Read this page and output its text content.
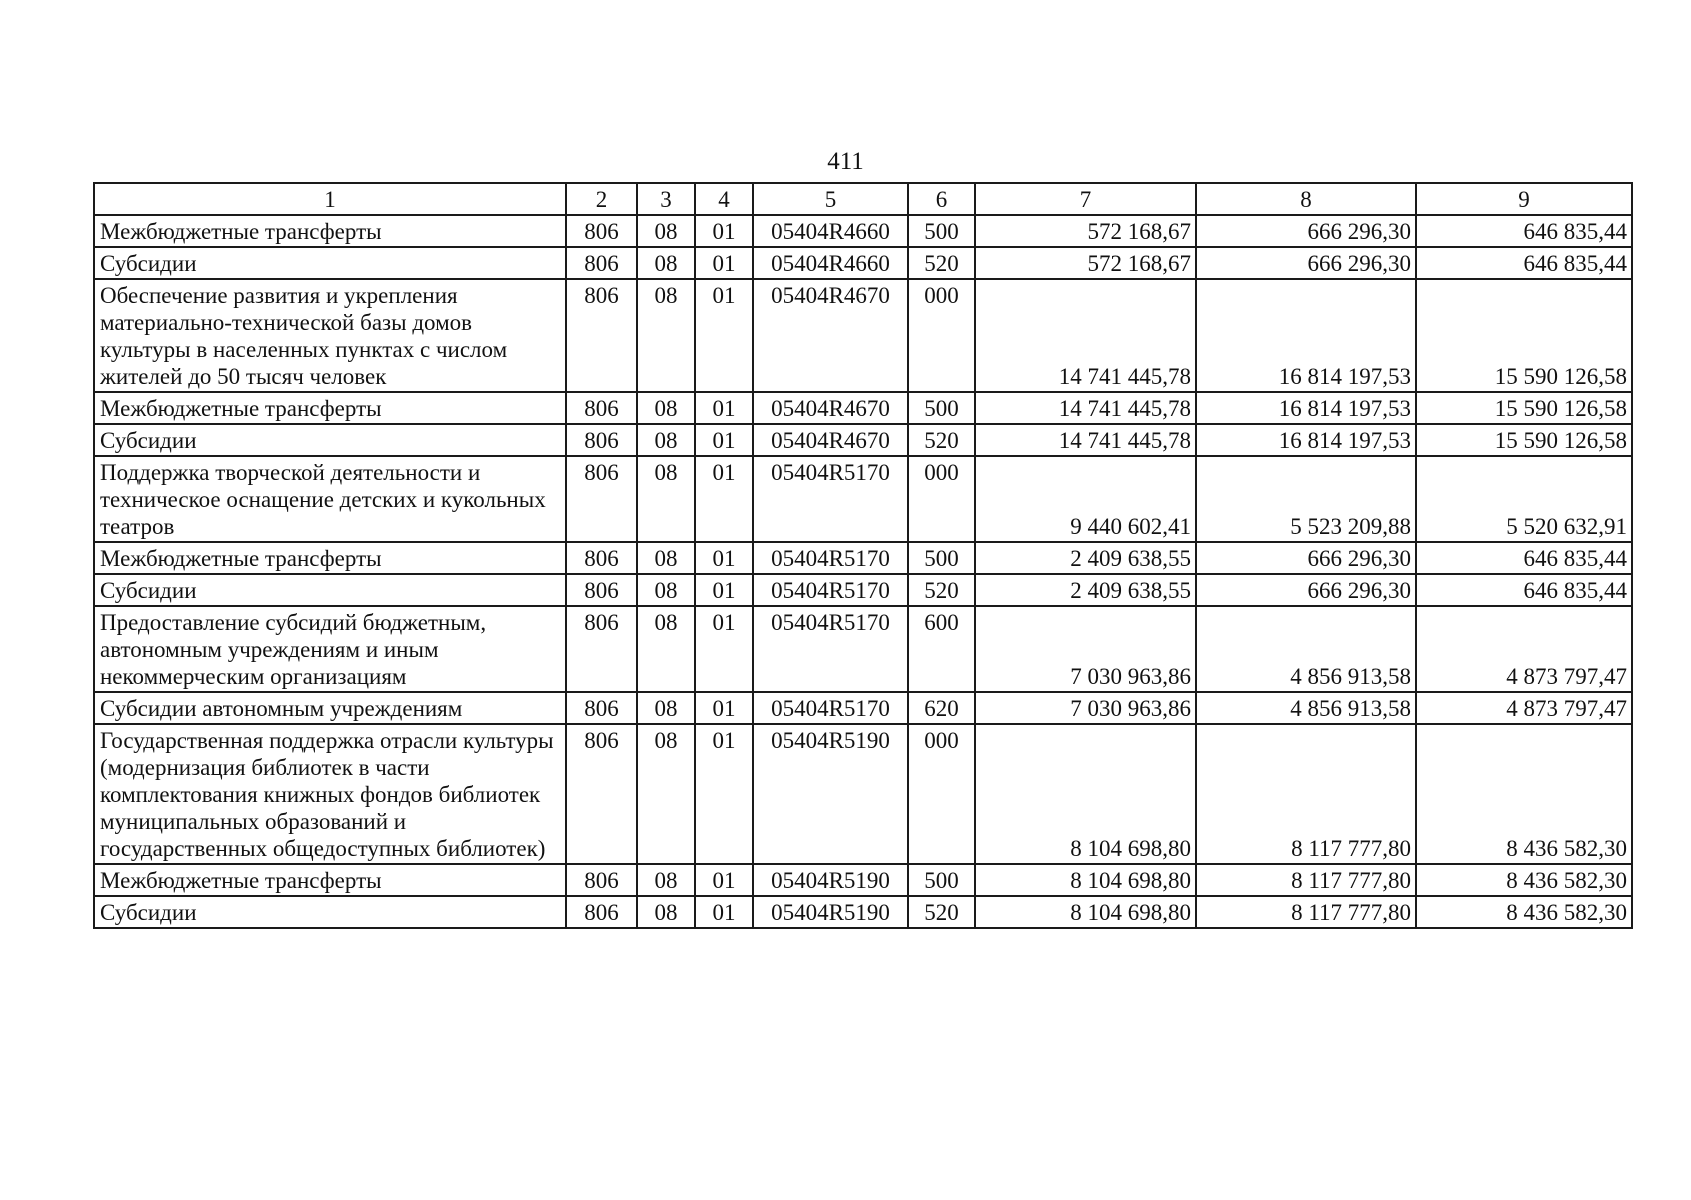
411
1	2	3	4	5	6	7	8	9
Межбюджетные трансферты	806	08	01	05404R4660	500	572 168,67	666 296,30	646 835,44
Субсидии	806	08	01	05404R4660	520	572 168,67	666 296,30	646 835,44
Обеспечение развития и укрепления материально-технической базы домов культуры в населенных пунктах с числом жителей до 50 тысяч человек	806	08	01	05404R4670	000	14 741 445,78	16 814 197,53	15 590 126,58
Межбюджетные трансферты	806	08	01	05404R4670	500	14 741 445,78	16 814 197,53	15 590 126,58
Субсидии	806	08	01	05404R4670	520	14 741 445,78	16 814 197,53	15 590 126,58
Поддержка творческой деятельности и техническое оснащение детских и кукольных театров	806	08	01	05404R5170	000	9 440 602,41	5 523 209,88	5 520 632,91
Межбюджетные трансферты	806	08	01	05404R5170	500	2 409 638,55	666 296,30	646 835,44
Субсидии	806	08	01	05404R5170	520	2 409 638,55	666 296,30	646 835,44
Предоставление субсидий бюджетным, автономным учреждениям и иным некоммерческим организациям	806	08	01	05404R5170	600	7 030 963,86	4 856 913,58	4 873 797,47
Субсидии автономным учреждениям	806	08	01	05404R5170	620	7 030 963,86	4 856 913,58	4 873 797,47
Государственная поддержка отрасли культуры (модернизация библиотек в части комплектования книжных фондов библиотек муниципальных образований и государственных общедоступных библиотек)	806	08	01	05404R5190	000	8 104 698,80	8 117 777,80	8 436 582,30
Межбюджетные трансферты	806	08	01	05404R5190	500	8 104 698,80	8 117 777,80	8 436 582,30
Субсидии	806	08	01	05404R5190	520	8 104 698,80	8 117 777,80	8 436 582,30
